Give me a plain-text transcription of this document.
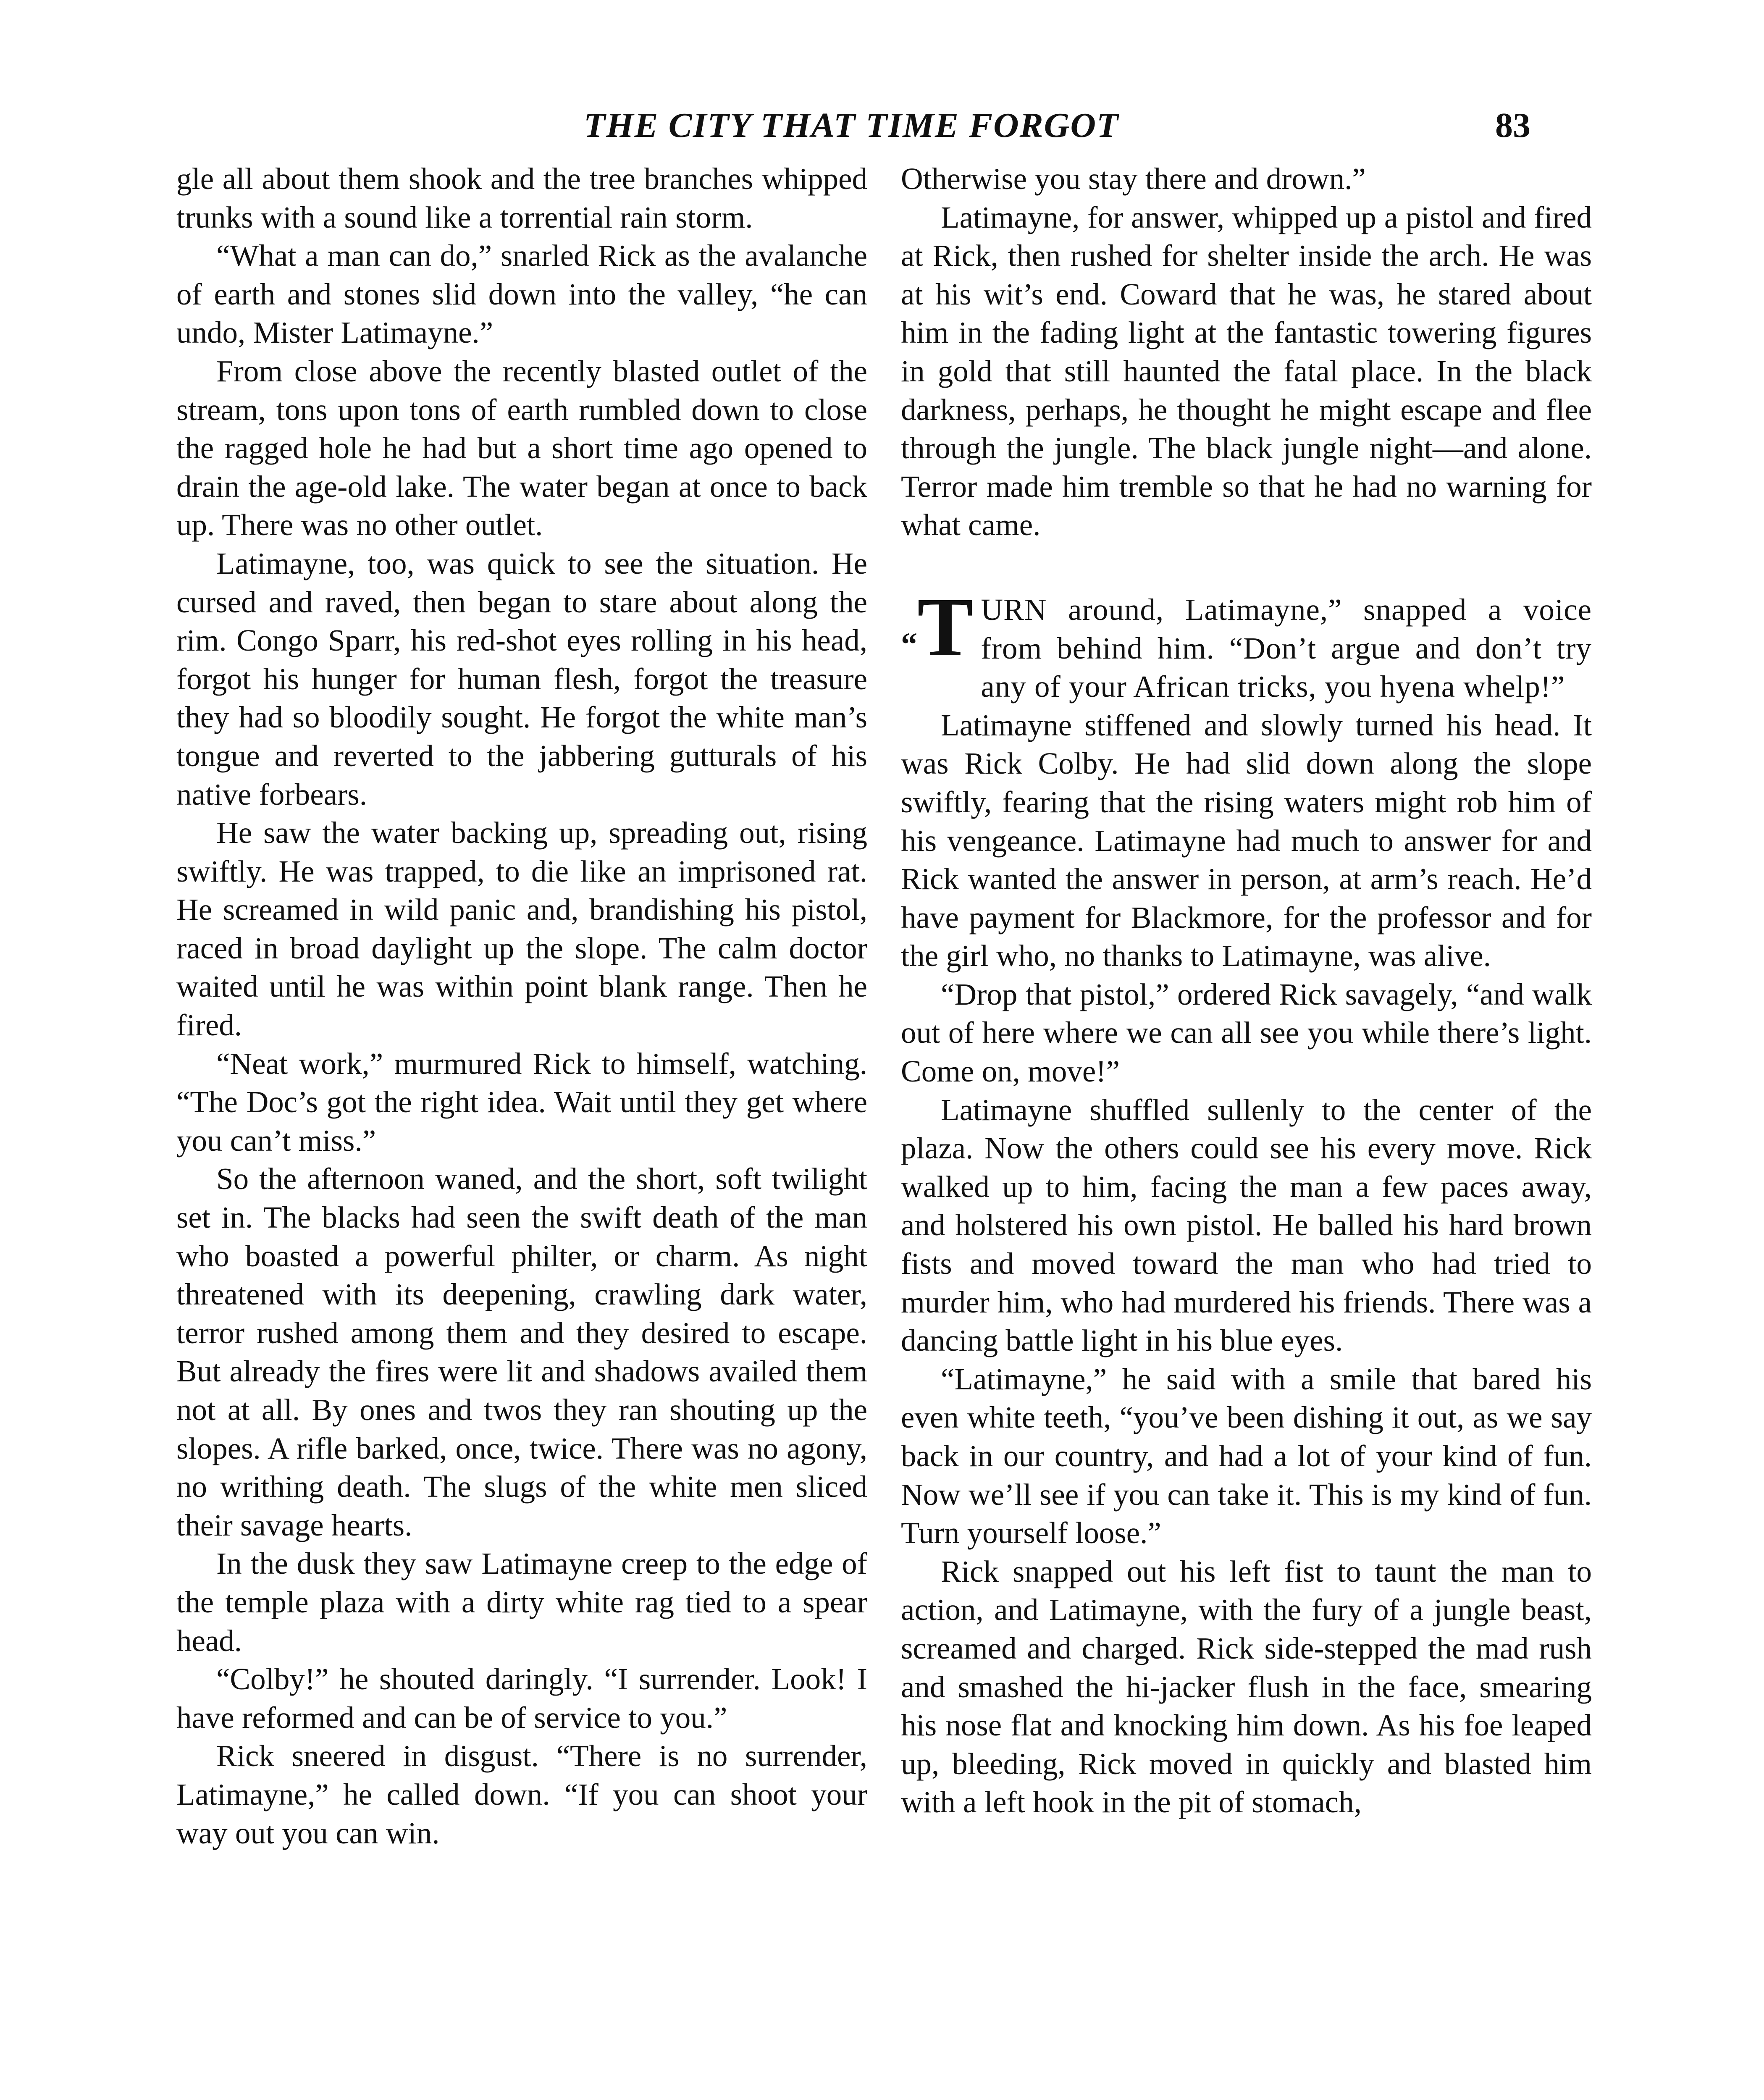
THE CITY THAT TIME FORGOT	83

gle all about them shook and the tree branches whipped trunks with a sound like a torrential rain storm.

“What a man can do,” snarled Rick as the avalanche of earth and stones slid down into the valley, “he can undo, Mister Latimayne.”

From close above the recently blasted outlet of the stream, tons upon tons of earth rumbled down to close the ragged hole he had but a short time ago opened to drain the age-old lake. The water began at once to back up. There was no other outlet.

Latimayne, too, was quick to see the situation. He cursed and raved, then began to stare about along the rim. Congo Sparr, his red-shot eyes rolling in his head, forgot his hunger for human flesh, forgot the treasure they had so bloodily sought. He forgot the white man’s tongue and reverted to the jabbering gutturals of his native forbears.

He saw the water backing up, spreading out, rising swiftly. He was trapped, to die like an imprisoned rat. He screamed in wild panic and, brandishing his pistol, raced in broad daylight up the slope. The calm doctor waited until he was within point blank range. Then he fired.

“Neat work,” murmured Rick to himself, watching. “The Doc’s got the right idea. Wait until they get where you can’t miss.”

So the afternoon waned, and the short, soft twilight set in. The blacks had seen the swift death of the man who boasted a powerful philter, or charm. As night threatened with its deepening, crawling dark water, terror rushed among them and they desired to escape. But already the fires were lit and shadows availed them not at all. By ones and twos they ran shouting up the slopes. A rifle barked, once, twice. There was no agony, no writhing death. The slugs of the white men sliced their savage hearts.

In the dusk they saw Latimayne creep to the edge of the temple plaza with a dirty white rag tied to a spear head.

“Colby!” he shouted daringly. “I surrender. Look! I have reformed and can be of service to you.”

Rick sneered in disgust. “There is no surrender, Latimayne,” he called down. “If you can shoot your way out you can win.

Otherwise you stay there and drown.”

Latimayne, for answer, whipped up a pistol and fired at Rick, then rushed for shelter inside the arch. He was at his wit’s end. Coward that he was, he stared about him in the fading light at the fantastic towering figures in gold that still haunted the fatal place. In the black darkness, perhaps, he thought he might escape and flee through the jungle. The black jungle night—and alone. Terror made him tremble so that he had no warning for what came.

“T URN around, Latimayne,” snapped a voice from behind him. “Don’t argue and don’t try any of your African tricks, you hyena whelp!”

Latimayne stiffened and slowly turned his head. It was Rick Colby. He had slid down along the slope swiftly, fearing that the rising waters might rob him of his vengeance. Latimayne had much to answer for and Rick wanted the answer in person, at arm’s reach. He’d have payment for Blackmore, for the professor and for the girl who, no thanks to Latimayne, was alive.

“Drop that pistol,” ordered Rick savagely, “and walk out of here where we can all see you while there’s light. Come on, move!”

Latimayne shuffled sullenly to the center of the plaza. Now the others could see his every move. Rick walked up to him, facing the man a few paces away, and holstered his own pistol. He balled his hard brown fists and moved toward the man who had tried to murder him, who had murdered his friends. There was a dancing battle light in his blue eyes.

“Latimayne,” he said with a smile that bared his even white teeth, “you’ve been dishing it out, as we say back in our country, and had a lot of your kind of fun. Now we’ll see if you can take it. This is my kind of fun. Turn yourself loose.”

Rick snapped out his left fist to taunt the man to action, and Latimayne, with the fury of a jungle beast, screamed and charged. Rick side-stepped the mad rush and smashed the hi-jacker flush in the face, smearing his nose flat and knocking him down. As his foe leaped up, bleeding, Rick moved in quickly and blasted him with a left hook in the pit of stomach,
